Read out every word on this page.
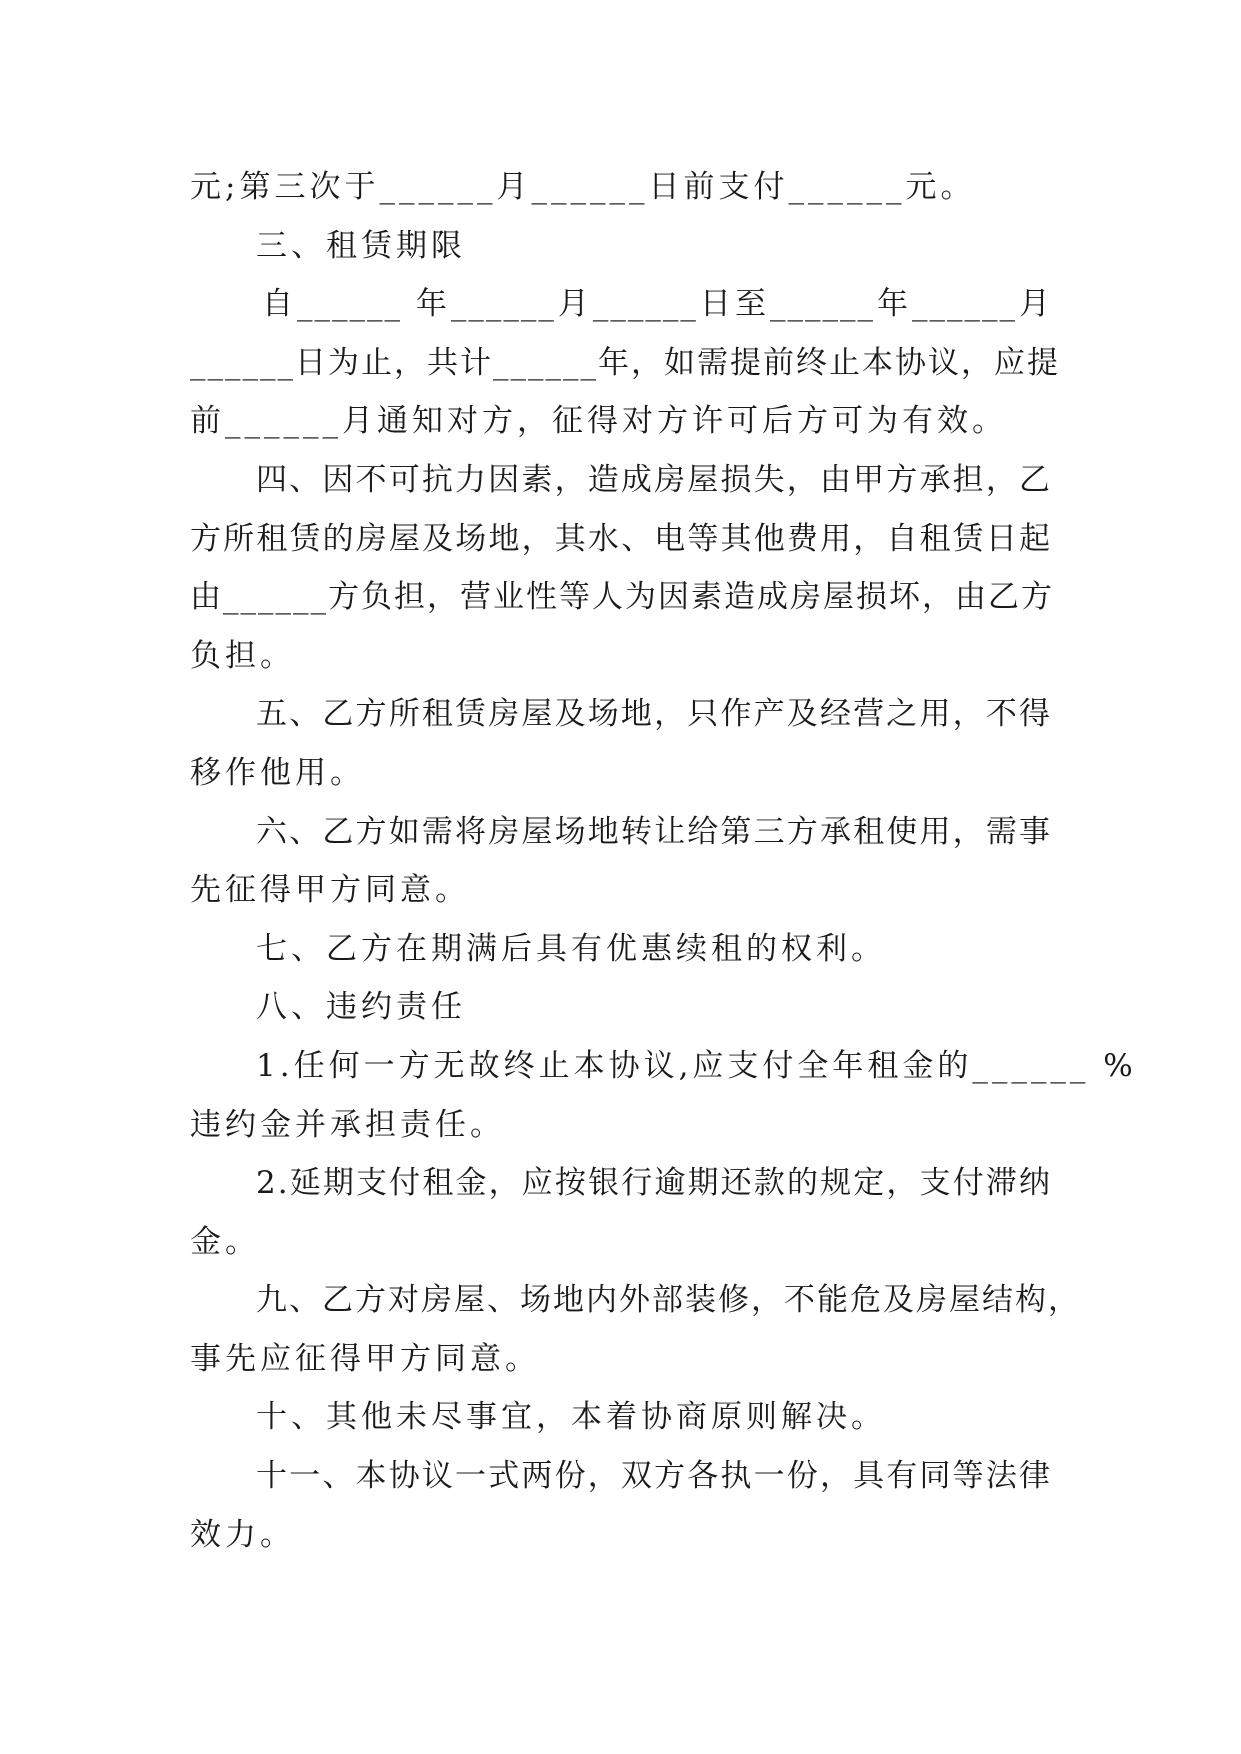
元;第三次于______月______日前支付______元。
三、租赁期限
自______ 年______月______日至______年______月
______日为止，共计______年，如需提前终止本协议，应提
前______月通知对方，征得对方许可后方可为有效。
四、因不可抗力因素，造成房屋损失，由甲方承担，乙
方所租赁的房屋及场地，其水、电等其他费用，自租赁日起
由______方负担，营业性等人为因素造成房屋损坏，由乙方
负担。
五、乙方所租赁房屋及场地，只作产及经营之用，不得
移作他用。
六、乙方如需将房屋场地转让给第三方承租使用，需事
先征得甲方同意。
七、乙方在期满后具有优惠续租的权利。
八、违约责任
1.任何一方无故终止本协议,应支付全年租金的______ %
违约金并承担责任。
2.延期支付租金，应按银行逾期还款的规定，支付滞纳
金。
九、乙方对房屋、场地内外部装修，不能危及房屋结构，
事先应征得甲方同意。
十、其他未尽事宜，本着协商原则解决。
十一、本协议一式两份，双方各执一份，具有同等法律
效力。
